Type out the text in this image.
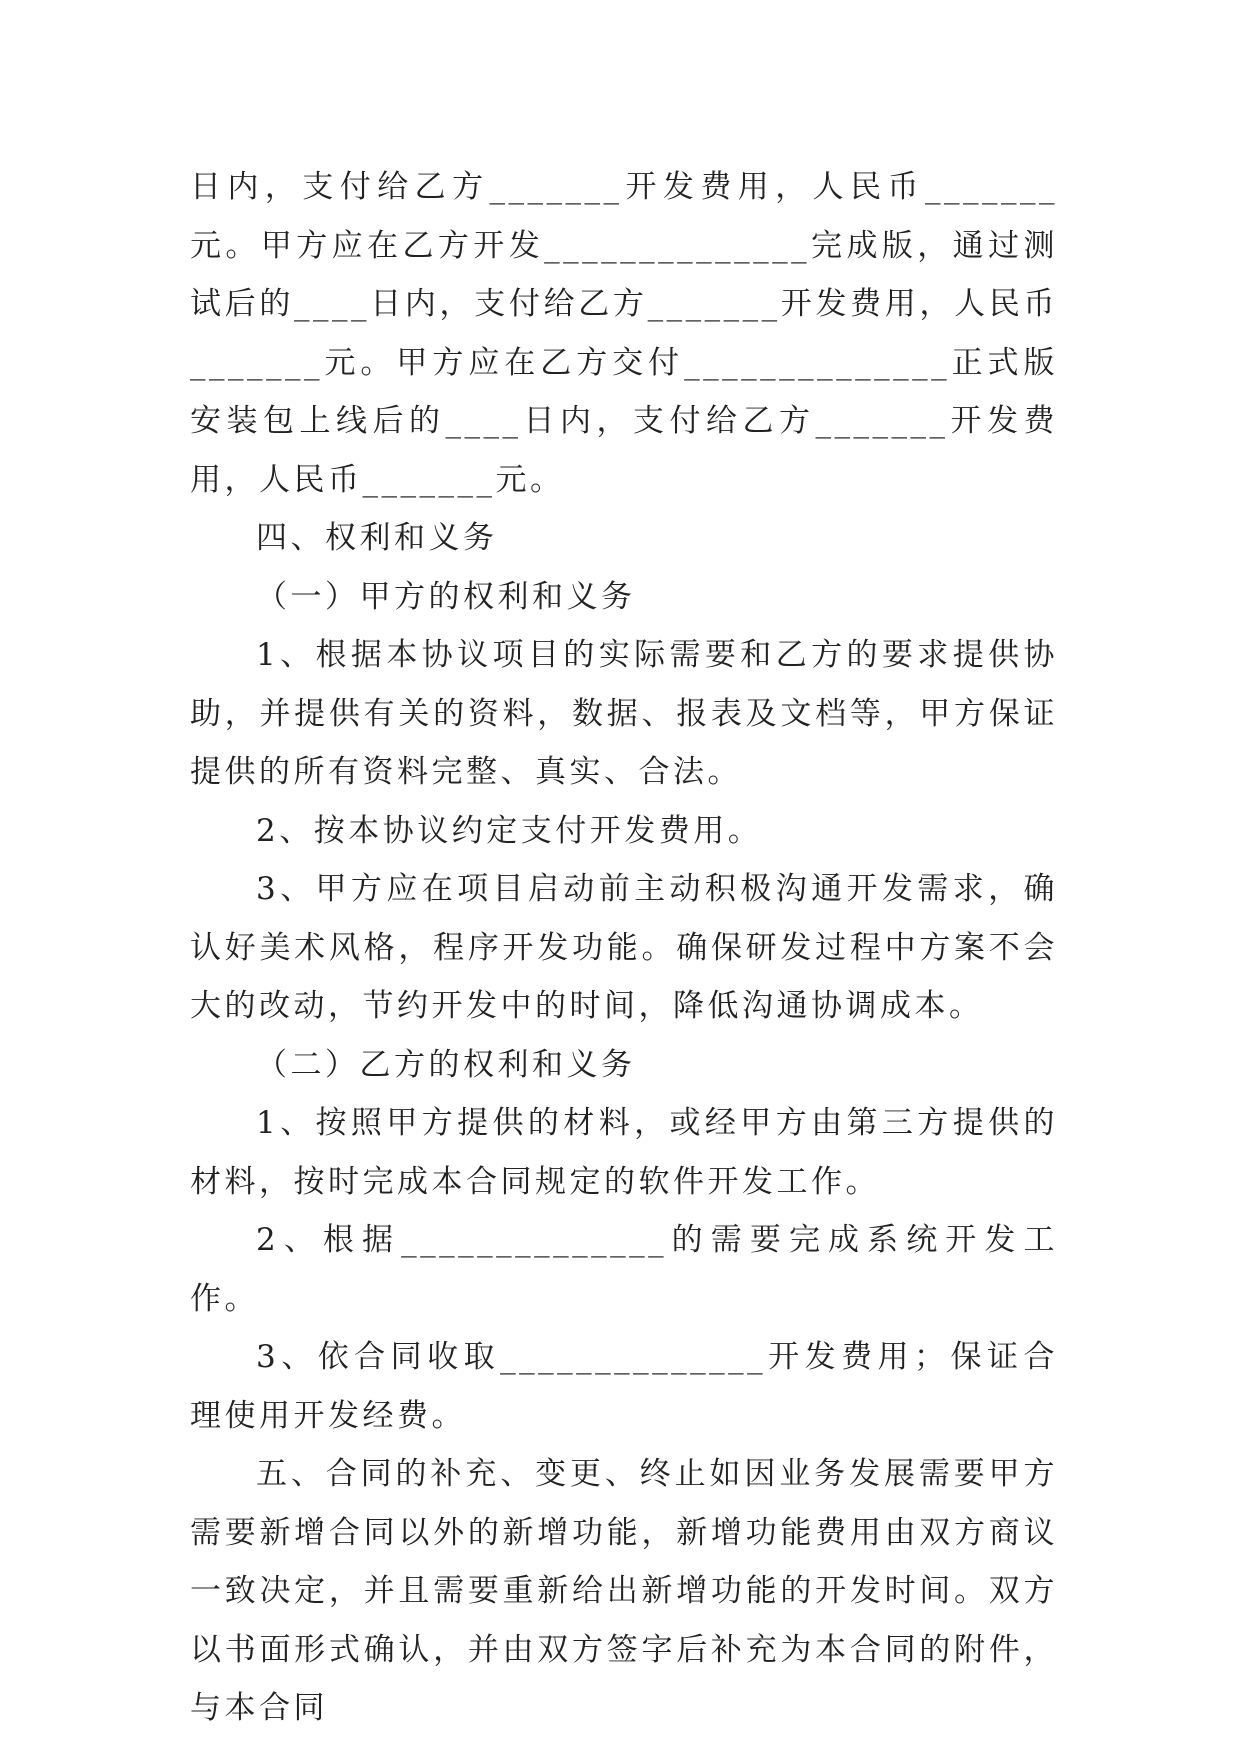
日内，支付给乙方_______开发费用，人民币_______元。甲方应在乙方开发______________完成版，通过测试后的____日内，支付给乙方_______开发费用，人民币_______元。甲方应在乙方交付______________正式版安装包上线后的____日内，支付给乙方_______开发费用，人民币_______元。

四、权利和义务

（一）甲方的权利和义务

1、根据本协议项目的实际需要和乙方的要求提供协助，并提供有关的资料，数据、报表及文档等，甲方保证提供的所有资料完整、真实、合法。

2、按本协议约定支付开发费用。

3、甲方应在项目启动前主动积极沟通开发需求，确认好美术风格，程序开发功能。确保研发过程中方案不会大的改动，节约开发中的时间，降低沟通协调成本。

（二）乙方的权利和义务

1、按照甲方提供的材料，或经甲方由第三方提供的材料，按时完成本合同规定的软件开发工作。

2、根据______________的需要完成系统开发工作。

3、依合同收取______________开发费用；保证合理使用开发经费。

五、合同的补充、变更、终止如因业务发展需要甲方需要新增合同以外的新增功能，新增功能费用由双方商议一致决定，并且需要重新给出新增功能的开发时间。双方以书面形式确认，并由双方签字后补充为本合同的附件，与本合同
